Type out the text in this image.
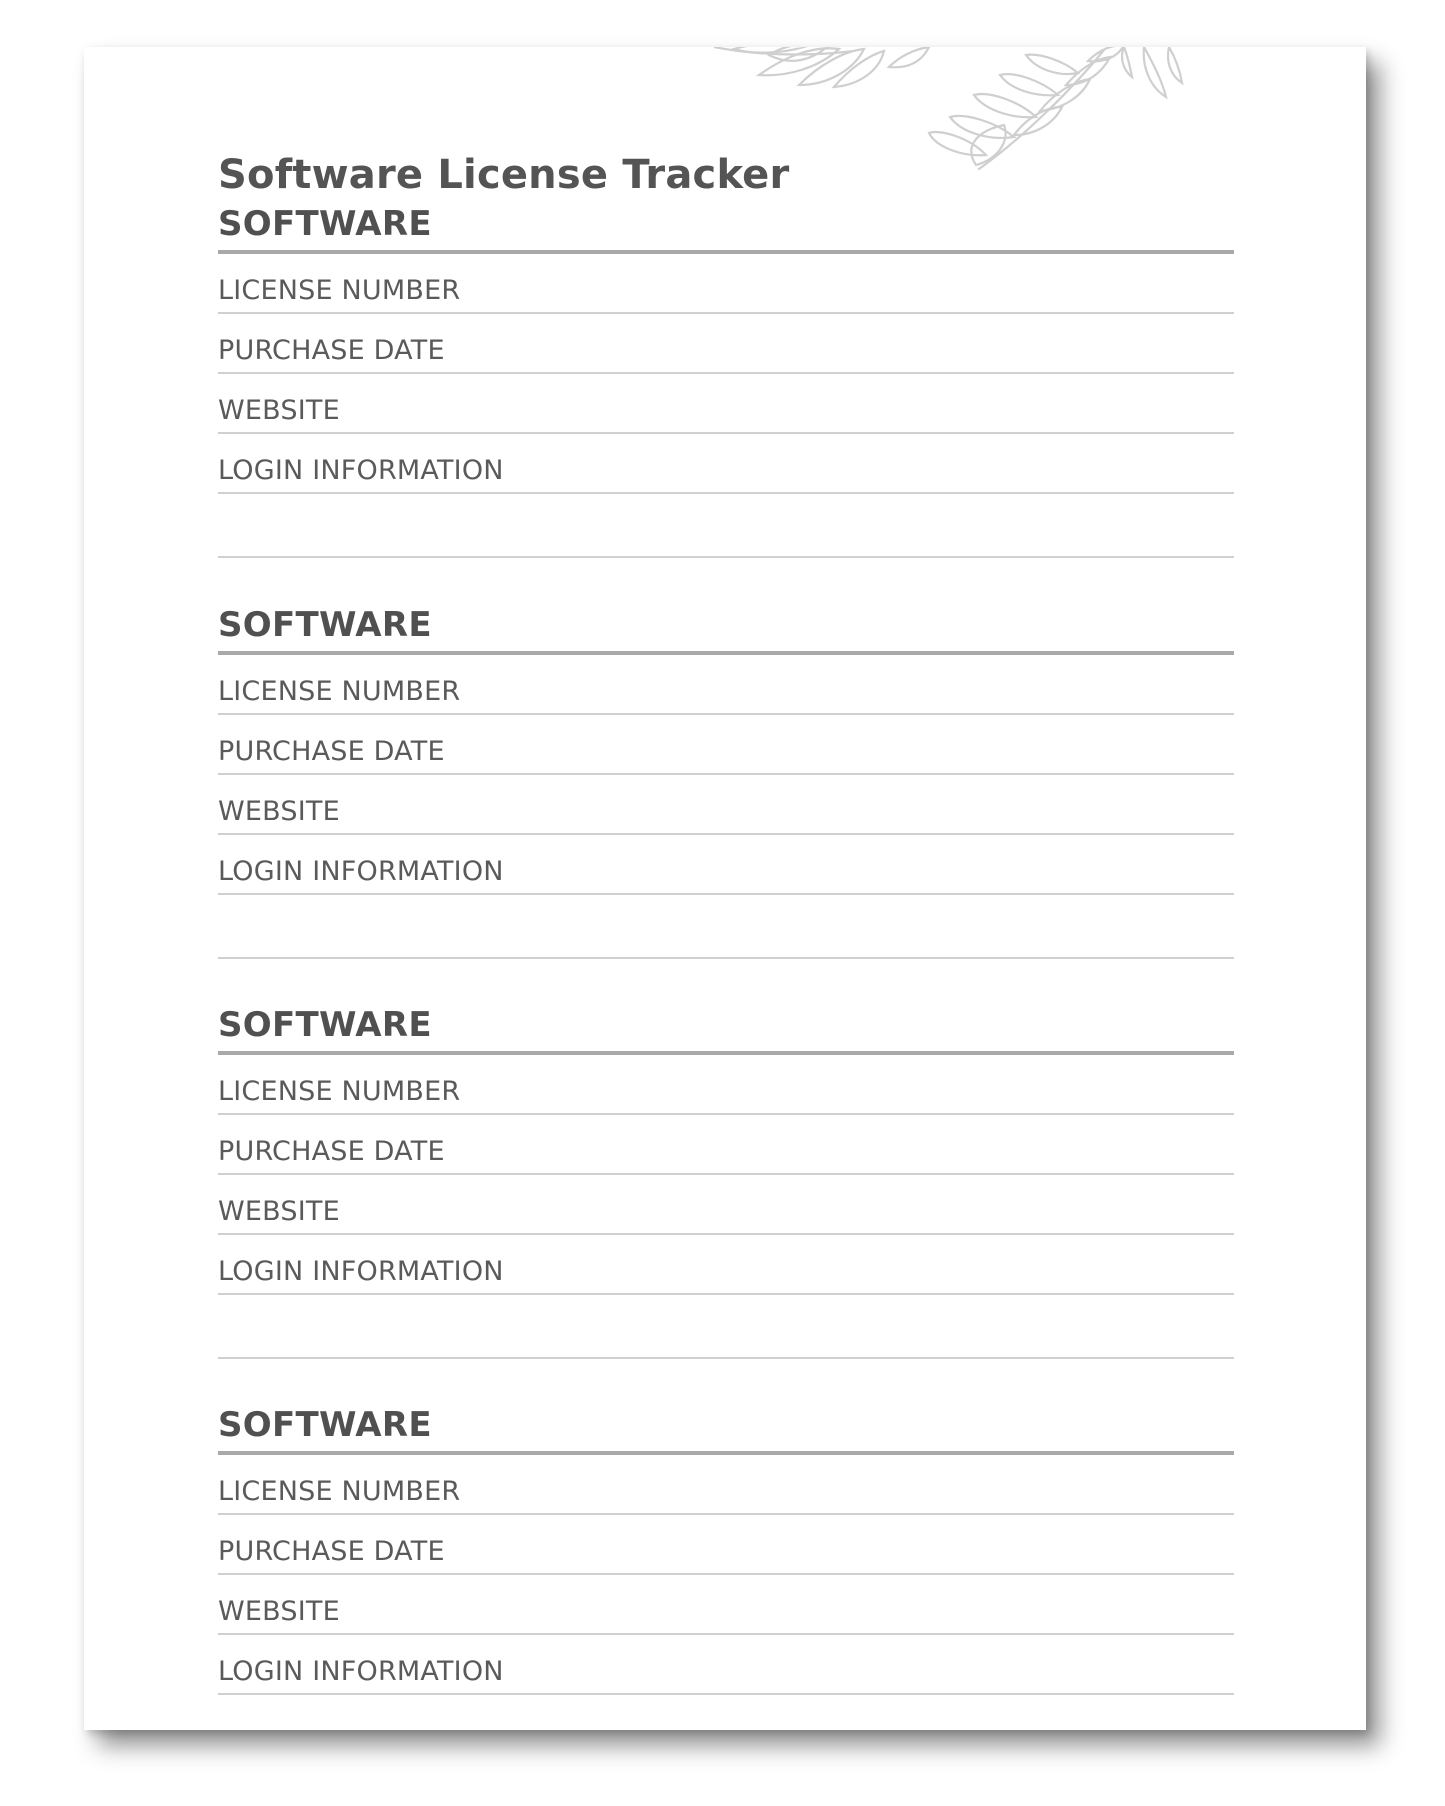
Software License Tracker
SOFTWARE
LICENSE NUMBER
PURCHASE DATE
WEBSITE
LOGIN INFORMATION
SOFTWARE
LICENSE NUMBER
PURCHASE DATE
WEBSITE
LOGIN INFORMATION
SOFTWARE
LICENSE NUMBER
PURCHASE DATE
WEBSITE
LOGIN INFORMATION
SOFTWARE
LICENSE NUMBER
PURCHASE DATE
WEBSITE
LOGIN INFORMATION
